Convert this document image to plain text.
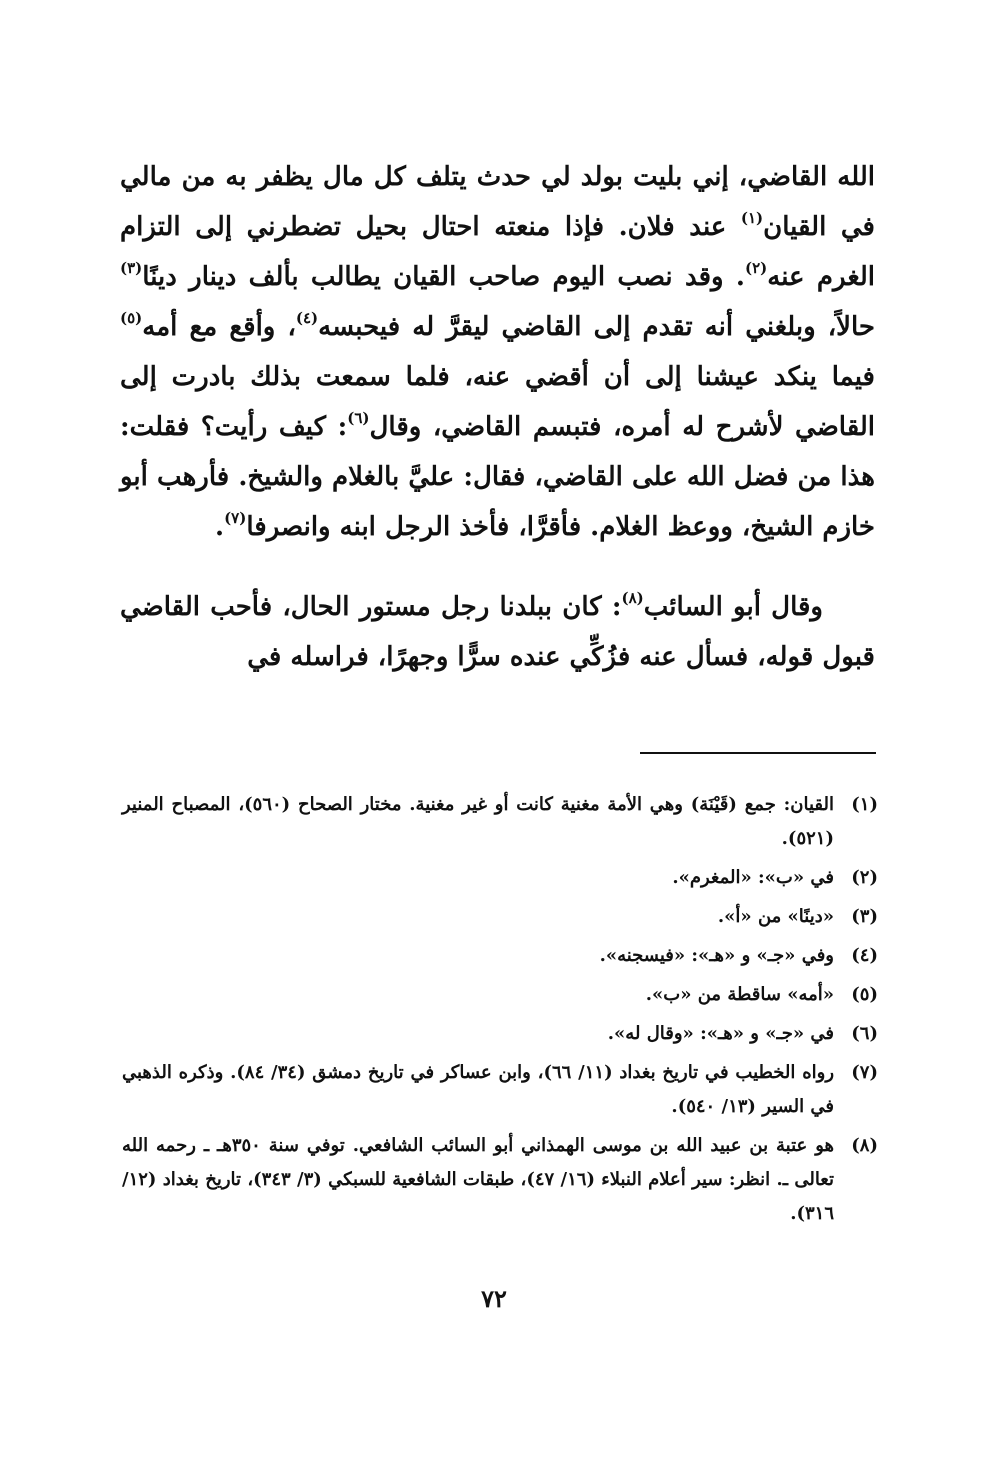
الله القاضي، إني بليت بولد لي حدث يتلف كل مال يظفر به من مالي في القيان$^{(١)}$ عند فلان. فإذا منعته احتال بحيل تضطرني إلى التزام الغرم عنه$^{(٢)}$. وقد نصب اليوم صاحب القيان يطالب بألف دينار دينًا$^{(٣)}$ حالاً، وبلغني أنه تقدم إلى القاضي ليقرَّ له فيحبسه$^{(٤)}$، وأقع مع أمه$^{(٥)}$ فيما ينكد عيشنا إلى أن أقضي عنه، فلما سمعت بذلك بادرت إلى القاضي لأشرح له أمره، فتبسم القاضي، وقال$^{(٦)}$: كيف رأيت؟ فقلت: هذا من فضل الله على القاضي، فقال: عليَّ بالغلام والشيخ. فأرهب أبو خازم الشيخ، ووعظ الغلام. فأقرَّا، فأخذ الرجل ابنه وانصرفا$^{(٧)}$.

وقال أبو السائب$^{(٨)}$: كان ببلدنا رجل مستور الحال، فأحب القاضي قبول قوله، فسأل عنه فزُكِّي عنده سرًّا وجهرًا، فراسله في

(١)
القيان: جمع (قَيْنَة) وهي الأمة مغنية كانت أو غير مغنية. مختار الصحاح (٥٦٠)، المصباح المنير (٥٢١).
(٢)
في «ب»: «المغرم».
(٣)
«دينًا» من «أ».
(٤)
وفي «جـ» و «هـ»: «فيسجنه».
(٥)
«أمه» ساقطة من «ب».
(٦)
في «جـ» و «هـ»: «وقال له».
(٧)
رواه الخطيب في تاريخ بغداد (١١/ ٦٦)، وابن عساكر في تاريخ دمشق (٣٤/ ٨٤). وذكره الذهبي في السير (١٣/ ٥٤٠).
(٨)
هو عتبة بن عبيد الله بن موسى الهمذاني أبو السائب الشافعي. توفي سنة ٣٥٠هـ ـ رحمه الله تعالى ـ. انظر: سير أعلام النبلاء (١٦/ ٤٧)، طبقات الشافعية للسبكي (٣/ ٣٤٣)، تاريخ بغداد (١٢/ ٣١٦).
٧٢
